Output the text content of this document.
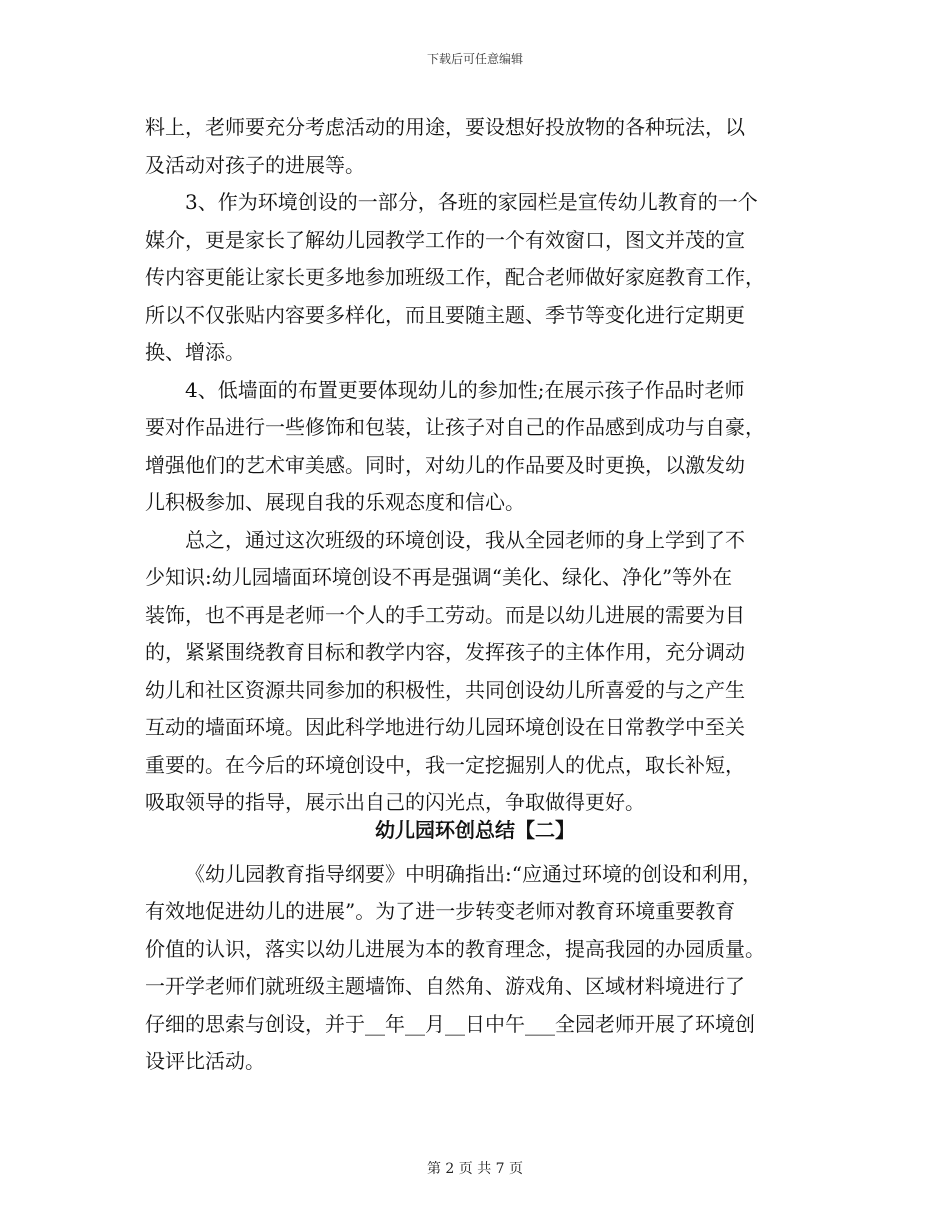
下载后可任意编辑
料上，老师要充分考虑活动的用途，要设想好投放物的各种玩法，以
及活动对孩子的进展等。
3、作为环境创设的一部分，各班的家园栏是宣传幼儿教育的一个
媒介，更是家长了解幼儿园教学工作的一个有效窗口，图文并茂的宣
传内容更能让家长更多地参加班级工作，配合老师做好家庭教育工作，
所以不仅张贴内容要多样化，而且要随主题、季节等变化进行定期更
换、增添。
4、低墙面的布置更要体现幼儿的参加性;在展示孩子作品时老师
要对作品进行一些修饰和包装，让孩子对自己的作品感到成功与自豪，
增强他们的艺术审美感。同时，对幼儿的作品要及时更换，以激发幼
儿积极参加、展现自我的乐观态度和信心。
总之，通过这次班级的环境创设，我从全园老师的身上学到了不
少知识:幼儿园墙面环境创设不再是强调“美化、绿化、净化”等外在
装饰，也不再是老师一个人的手工劳动。而是以幼儿进展的需要为目
的，紧紧围绕教育目标和教学内容，发挥孩子的主体作用，充分调动
幼儿和社区资源共同参加的积极性，共同创设幼儿所喜爱的与之产生
互动的墙面环境。因此科学地进行幼儿园环境创设在日常教学中至关
重要的。在今后的环境创设中，我一定挖掘别人的优点，取长补短，
吸取领导的指导，展示出自己的闪光点，争取做得更好。
幼儿园环创总结【二】
《幼儿园教育指导纲要》中明确指出:“应通过环境的创设和利用，
有效地促进幼儿的进展”。为了进一步转变老师对教育环境重要教育
价值的认识，落实以幼儿进展为本的教育理念，提高我园的办园质量。
一开学老师们就班级主题墙饰、自然角、游戏角、区域材料境进行了
仔细的思索与创设，并于__年__月__日中午___全园老师开展了环境创
设评比活动。
第 2 页 共 7 页
